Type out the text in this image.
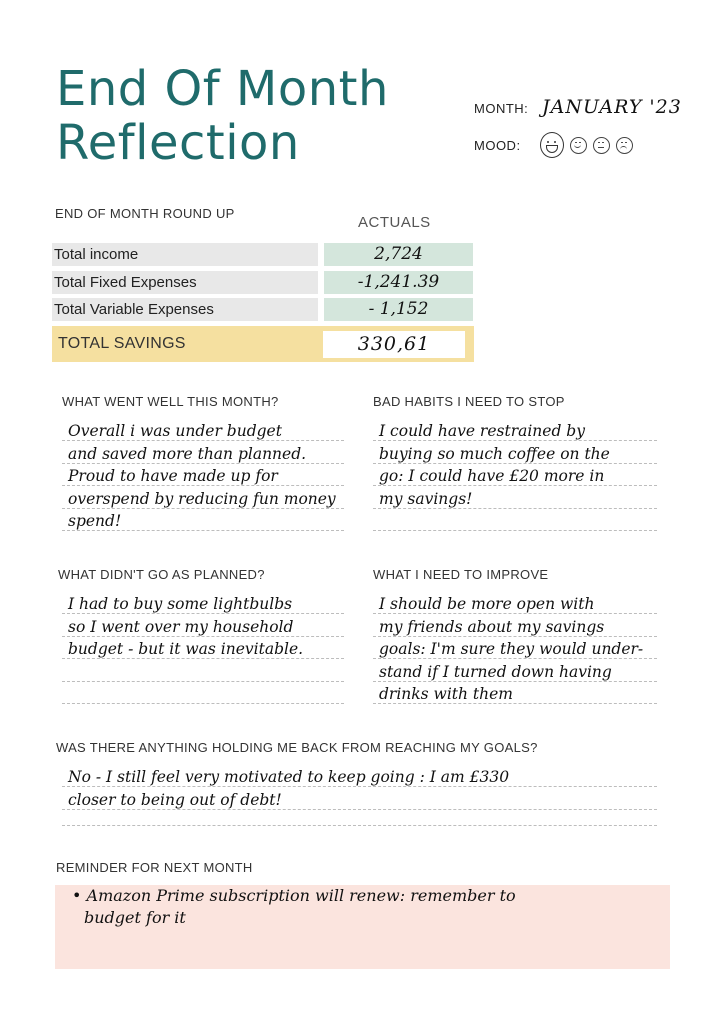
End Of Month
Reflection
MONTH: JANUARY '23
MOOD:
END OF MONTH ROUND UP
ACTUALS
Total income	2,724
Total Fixed Expenses	-1,241.39
Total Variable Expenses	- 1,152
TOTAL SAVINGS	330,61
WHAT WENT WELL THIS MONTH?
Overall i was under budget
and saved more than planned.
Proud to have made up for
overspend by reducing fun money
spend!
BAD HABITS I NEED TO STOP
I could have restrained by
buying so much coffee on the
go: I could have £20 more in
my savings!
WHAT DIDN'T GO AS PLANNED?
I had to buy some lightbulbs
so I went over my household
budget - but it was inevitable.
WHAT I NEED TO IMPROVE
I should be more open with
my friends about my savings
goals: I'm sure they would under-
stand if I turned down having
drinks with them
WAS THERE ANYTHING HOLDING ME BACK FROM REACHING MY GOALS?
No - I still feel very motivated to keep going : I am £330
closer to being out of debt!
REMINDER FOR NEXT MONTH
• Amazon Prime subscription will renew: remember to
budget for it
